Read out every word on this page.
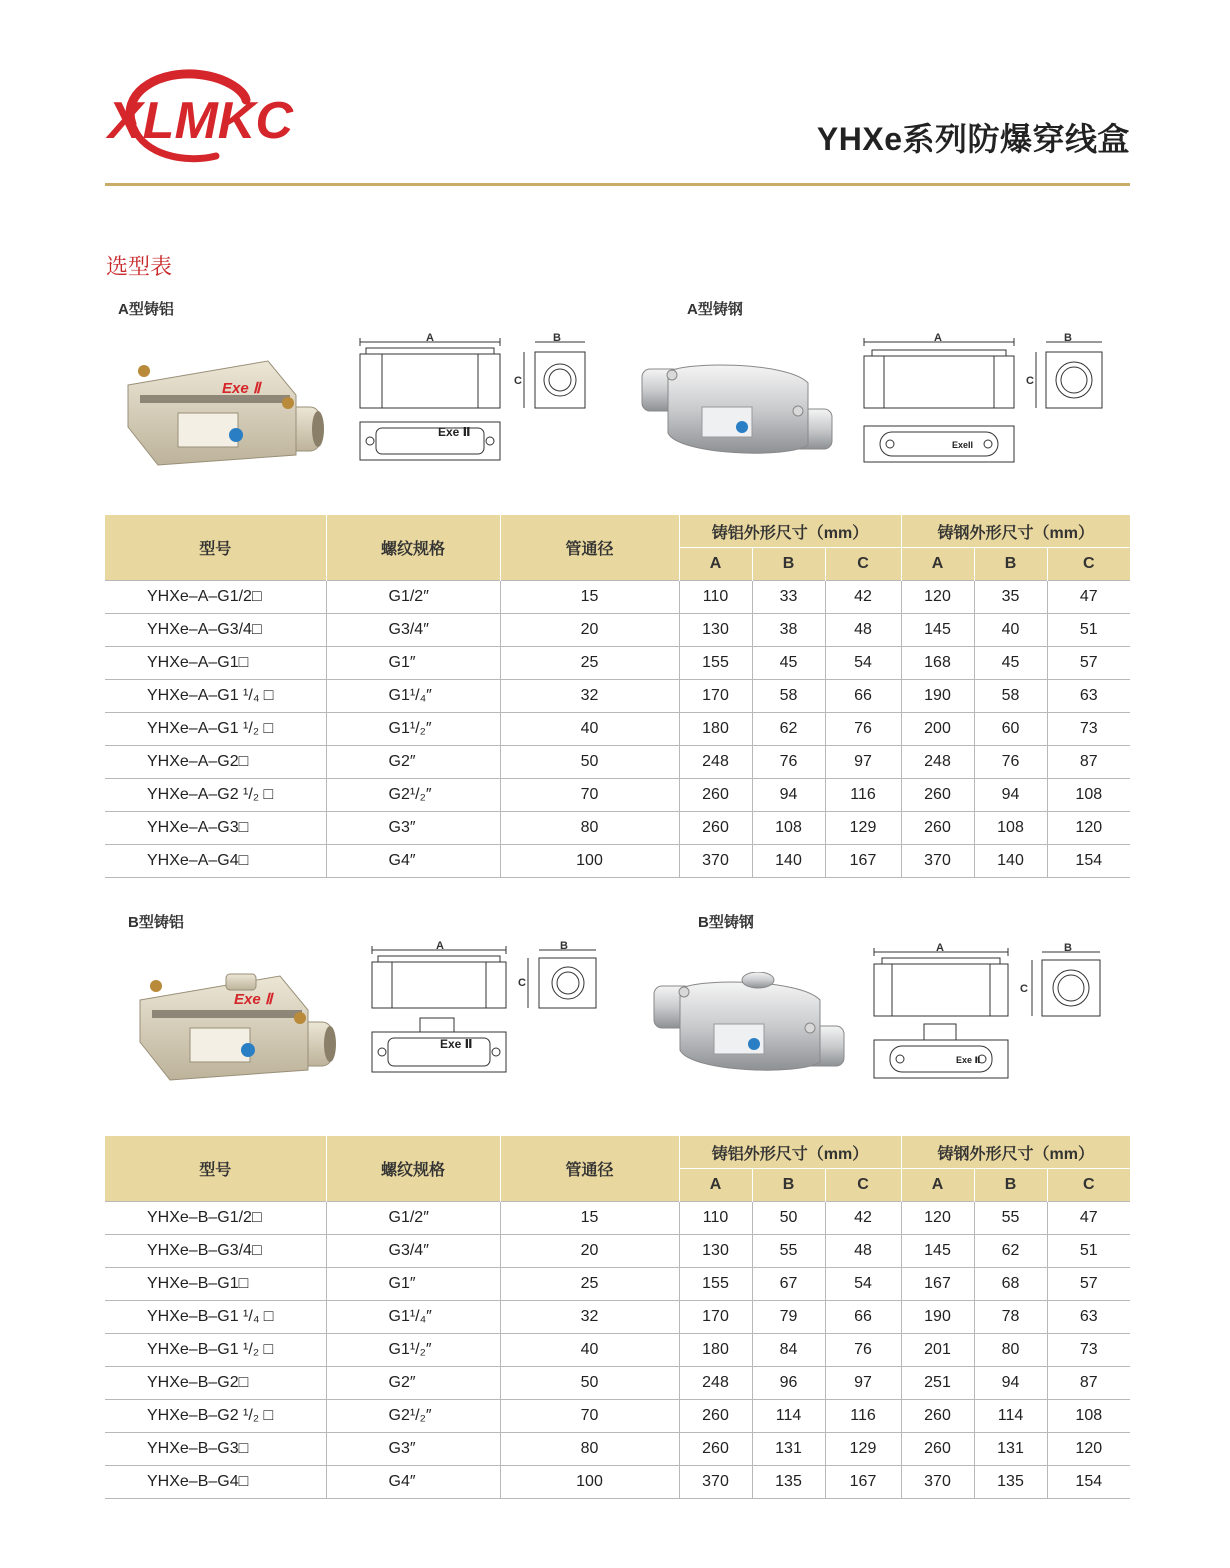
XLMKC	YHXe系列防爆穿线盒
选型表
A型铸铝	A型铸钢
Exe Ⅱ
A	B
C
Exe Ⅱ
A	B
C
ExeII
型号	螺纹规格	管通径	铸铝外形尺寸（mm）			铸钢外形尺寸（mm）		
			A	B	C	A	B	C
YHXe–A–G1/2□	G1/2″	15	110	33	42	120	35	47
YHXe–A–G3/4□	G3/4″	20	130	38	48	145	40	51
YHXe–A–G1□	G1″	25	155	45	54	168	45	57
YHXe–A–G1 ¹/₄ □	G1¹/₄″	32	170	58	66	190	58	63
YHXe–A–G1 ¹/₂ □	G1¹/₂″	40	180	62	76	200	60	73
YHXe–A–G2□	G2″	50	248	76	97	248	76	87
YHXe–A–G2 ¹/₂ □	G2¹/₂″	70	260	94	116	260	94	108
YHXe–A–G3□	G3″	80	260	108	129	260	108	120
YHXe–A–G4□	G4″	100	370	140	167	370	140	154
B型铸铝	B型铸钢
Exe Ⅱ
A	B
C
Exe Ⅱ
A	B
C
Exe Ⅱ
型号	螺纹规格	管通径	铸铝外形尺寸（mm）			铸钢外形尺寸（mm）		
			A	B	C	A	B	C
YHXe–B–G1/2□	G1/2″	15	110	50	42	120	55	47
YHXe–B–G3/4□	G3/4″	20	130	55	48	145	62	51
YHXe–B–G1□	G1″	25	155	67	54	167	68	57
YHXe–B–G1 ¹/₄ □	G1¹/₄″	32	170	79	66	190	78	63
YHXe–B–G1 ¹/₂ □	G1¹/₂″	40	180	84	76	201	80	73
YHXe–B–G2□	G2″	50	248	96	97	251	94	87
YHXe–B–G2 ¹/₂ □	G2¹/₂″	70	260	114	116	260	114	108
YHXe–B–G3□	G3″	80	260	131	129	260	131	120
YHXe–B–G4□	G4″	100	370	135	167	370	135	154
